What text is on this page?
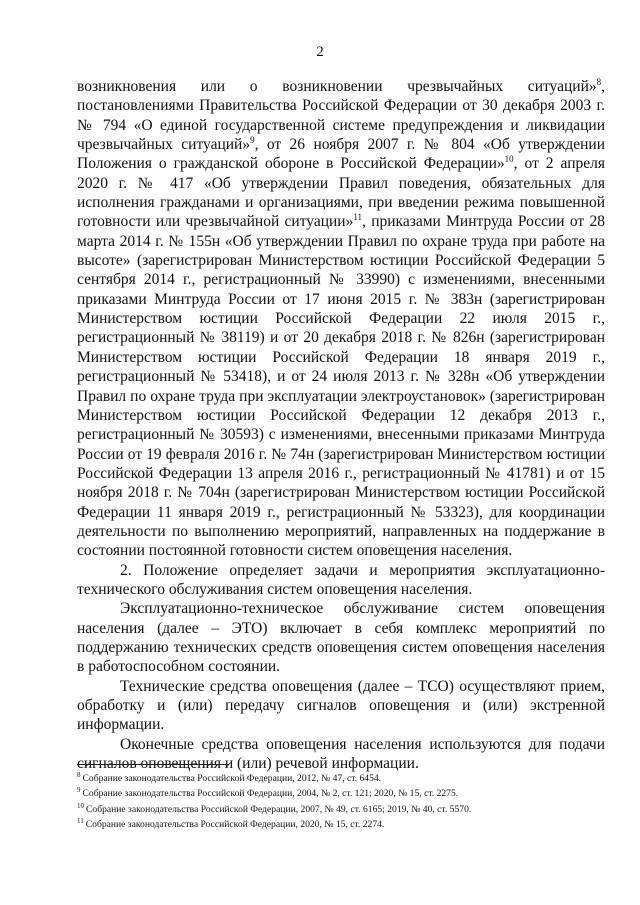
2

возникновения или о возникновении чрезвычайных ситуаций»$^8$, постановлениями Правительства Российской Федерации от 30 декабря 2003 г. № 794 «О единой государственной системе предупреждения и ликвидации чрезвычайных ситуаций»$^9$, от 26 ноября 2007 г. № 804 «Об утверждении Положения о гражданской обороне в Российской Федерации»$^{10}$, от 2 апреля 2020 г. № 417 «Об утверждении Правил поведения, обязательных для исполнения гражданами и организациями, при введении режима повышенной готовности или чрезвычайной ситуации»$^{11}$, приказами Минтруда России от 28 марта 2014 г. № 155н «Об утверждении Правил по охране труда при работе на высоте» (зарегистрирован Министерством юстиции Российской Федерации 5 сентября 2014 г., регистрационный № 33990) с изменениями, внесенными приказами Минтруда России от 17 июня 2015 г. № 383н (зарегистрирован Министерством юстиции Российской Федерации 22 июля 2015 г., регистрационный № 38119) и от 20 декабря 2018 г. № 826н (зарегистрирован Министерством юстиции Российской Федерации 18 января 2019 г., регистрационный № 53418), и от 24 июля 2013 г. № 328н «Об утверждении Правил по охране труда при эксплуатации электроустановок» (зарегистрирован Министерством юстиции Российской Федерации 12 декабря 2013 г., регистрационный № 30593) с изменениями, внесенными приказами Минтруда России от 19 февраля 2016 г. № 74н (зарегистрирован Министерством юстиции Российской Федерации 13 апреля 2016 г., регистрационный № 41781) и от 15 ноября 2018 г. № 704н (зарегистрирован Министерством юстиции Российской Федерации 11 января 2019 г., регистрационный № 53323), для координации деятельности по выполнению мероприятий, направленных на поддержание в состоянии постоянной готовности систем оповещения населения.

2. Положение определяет задачи и мероприятия эксплуатационно-технического обслуживания систем оповещения населения.

Эксплуатационно-техническое обслуживание систем оповещения населения (далее – ЭТО) включает в себя комплекс мероприятий по поддержанию технических средств оповещения систем оповещения населения в работоспособном состоянии.

Технические средства оповещения (далее – ТСО) осуществляют прием, обработку и (или) передачу сигналов оповещения и (или) экстренной информации.

Оконечные средства оповещения населения используются для подачи сигналов оповещения и (или) речевой информации.

$^8$ Собрание законодательства Российской Федерации, 2012, № 47, ст. 6454.

$^9$ Собрание законодательства Российской Федерации, 2004, № 2, ст. 121; 2020, № 15, ст. 2275.

$^{10}$ Собрание законодательства Российской Федерации, 2007, № 49, ст. 6165; 2019, № 40, ст. 5570.

$^{11}$ Собрание законодательства Российской Федерации, 2020, № 15, ст. 2274.
